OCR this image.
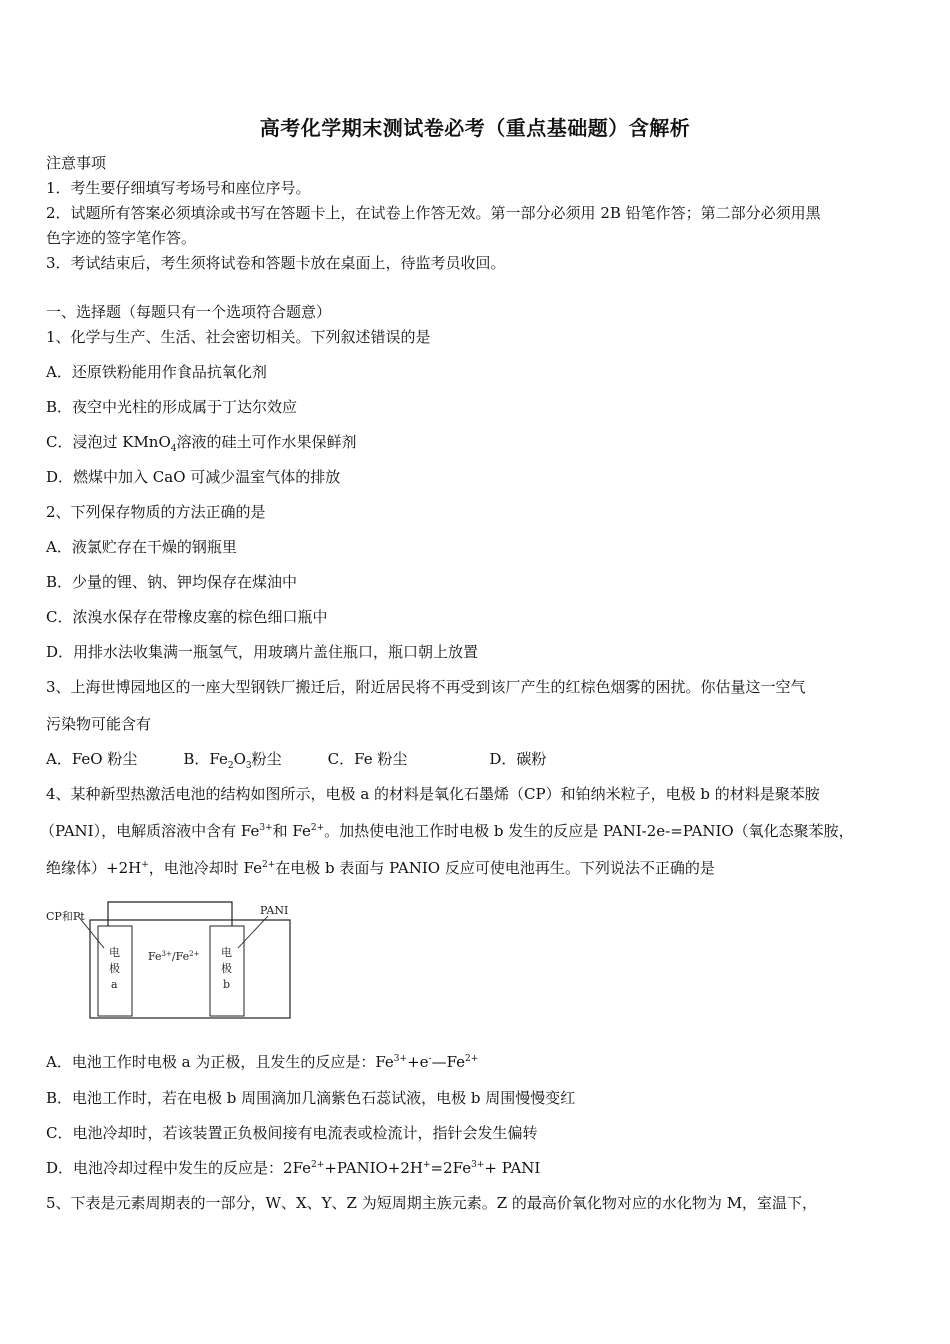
高考化学期末测试卷必考（重点基础题）含解析
注意事项
1．考生要仔细填写考场号和座位序号。
2．试题所有答案必须填涂或书写在答题卡上，在试卷上作答无效。第一部分必须用 2B 铅笔作答；第二部分必须用黑
色字迹的签字笔作答。
3．考试结束后，考生须将试卷和答题卡放在桌面上，待监考员收回。
一、选择题（每题只有一个选项符合题意）
1、化学与生产、生活、社会密切相关。下列叙述错误的是
A．还原铁粉能用作食品抗氧化剂
B．夜空中光柱的形成属于丁达尔效应
C．浸泡过 KMnO$_4$溶液的硅土可作水果保鲜剂
D．燃煤中加入 CaO 可减少温室气体的排放
2、下列保存物质的方法正确的是
A．液氯贮存在干燥的钢瓶里
B．少量的锂、钠、钾均保存在煤油中
C．浓溴水保存在带橡皮塞的棕色细口瓶中
D．用排水法收集满一瓶氢气，用玻璃片盖住瓶口，瓶口朝上放置
3、上海世博园地区的一座大型钢铁厂搬迁后，附近居民将不再受到该厂产生的红棕色烟雾的困扰。你估量这一空气
污染物可能含有
A．FeO 粉尘	B．$Fe_2O_3$粉尘	C．Fe 粉尘	D．碳粉
4、某种新型热激活电池的结构如图所示，电极 a 的材料是氧化石墨烯（CP）和铂纳米粒子，电极 b 的材料是聚苯胺
（PANI），电解质溶液中含有 $Fe^{3+}$和 $Fe^{2+}$。加热使电池工作时电极 b 发生的反应是 PANI-2e-=PANIO（氧化态聚苯胺，
绝缘体）+2H+，电池冷却时 $Fe^{2+}$在电极 b 表面与 PANIO 反应可使电池再生。下列说法不正确的是
CP和Pt	PANI
$Fe^{3+}/Fe^{2+}$
电
极
a
电
极
b
A．电池工作时电极 a 为正极，且发生的反应是：$Fe^{3+}+e^-—Fe^{2+}$
B．电池工作时，若在电极 b 周围滴加几滴紫色石蕊试液，电极 b 周围慢慢变红
C．电池冷却时，若该装置正负极间接有电流表或检流计，指针会发生偏转
D．电池冷却过程中发生的反应是：$2Fe^{2+}+PANIO+2H^+=2Fe^{3+}+$ PANI
5、下表是元素周期表的一部分，W、X、Y、Z 为短周期主族元素。Z 的最高价氧化物对应的水化物为 M，室温下，
